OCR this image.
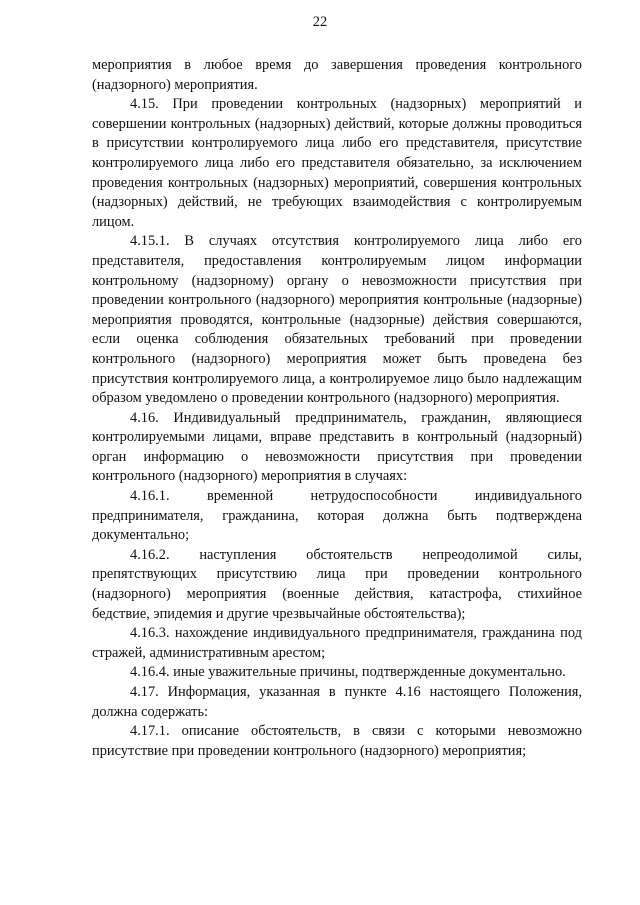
22

мероприятия в любое время до завершения проведения контрольного (надзорного) мероприятия.

4.15. При проведении контрольных (надзорных) мероприятий и совершении контрольных (надзорных) действий, которые должны проводиться в присутствии контролируемого лица либо его представителя, присутствие контролируемого лица либо его представителя обязательно, за исключением проведения контрольных (надзорных) мероприятий, совершения контрольных (надзорных) действий, не требующих взаимодействия с контролируемым лицом.

4.15.1. В случаях отсутствия контролируемого лица либо его представителя, предоставления контролируемым лицом информации контрольному (надзорному) органу о невозможности присутствия при проведении контрольного (надзорного) мероприятия контрольные (надзорные) мероприятия проводятся, контрольные (надзорные) действия совершаются, если оценка соблюдения обязательных требований при проведении контрольного (надзорного) мероприятия может быть проведена без присутствия контролируемого лица, а контролируемое лицо было надлежащим образом уведомлено о проведении контрольного (надзорного) мероприятия.

4.16. Индивидуальный предприниматель, гражданин, являющиеся контролируемыми лицами, вправе представить в контрольный (надзорный) орган информацию о невозможности присутствия при проведении контрольного (надзорного) мероприятия в случаях:

4.16.1. временной нетрудоспособности индивидуального предпринимателя, гражданина, которая должна быть подтверждена документально;

4.16.2. наступления обстоятельств непреодолимой силы, препятствующих присутствию лица при проведении контрольного (надзорного) мероприятия (военные действия, катастрофа, стихийное бедствие, эпидемия и другие чрезвычайные обстоятельства);

4.16.3. нахождение индивидуального предпринимателя, гражданина под стражей, административным арестом;

4.16.4. иные уважительные причины, подтвержденные документально.

4.17. Информация, указанная в пункте 4.16 настоящего Положения, должна содержать:

4.17.1. описание обстоятельств, в связи с которыми невозможно присутствие при проведении контрольного (надзорного) мероприятия;
